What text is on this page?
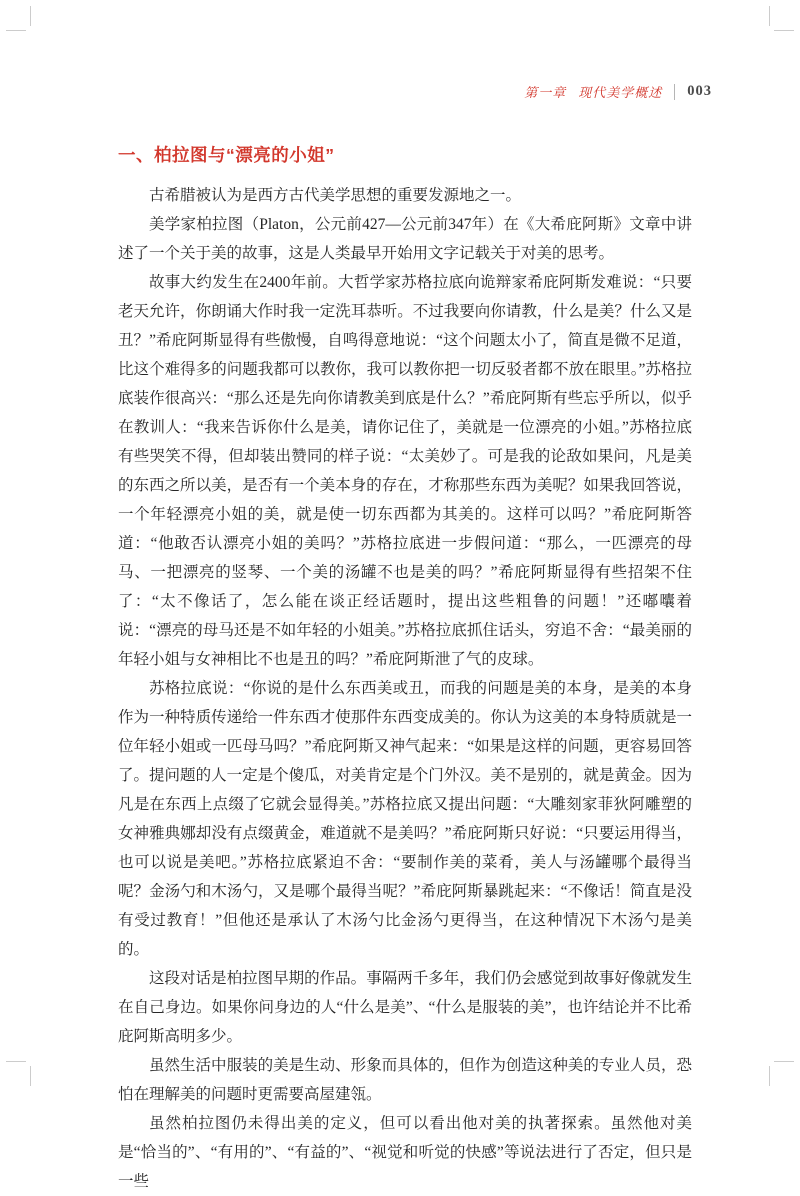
第一章 现代美学概述 003
一、柏拉图与“漂亮的小姐”

古希腊被认为是西方古代美学思想的重要发源地之一。

美学家柏拉图（Platon，公元前427—公元前347年）在《大希庇阿斯》文章中讲述了一个关于美的故事，这是人类最早开始用文字记载关于对美的思考。

故事大约发生在2400年前。大哲学家苏格拉底向诡辩家希庇阿斯发难说：“只要老天允许，你朗诵大作时我一定洗耳恭听。不过我要向你请教，什么是美？什么又是丑？”希庇阿斯显得有些傲慢，自鸣得意地说：“这个问题太小了，简直是微不足道，比这个难得多的问题我都可以教你，我可以教你把一切反驳者都不放在眼里。”苏格拉底装作很高兴：“那么还是先向你请教美到底是什么？”希庇阿斯有些忘乎所以，似乎在教训人：“我来告诉你什么是美，请你记住了，美就是一位漂亮的小姐。”苏格拉底有些哭笑不得，但却装出赞同的样子说：“太美妙了。可是我的论敌如果问，凡是美的东西之所以美，是否有一个美本身的存在，才称那些东西为美呢？如果我回答说，一个年轻漂亮小姐的美，就是使一切东西都为其美的。这样可以吗？”希庇阿斯答道：“他敢否认漂亮小姐的美吗？”苏格拉底进一步假问道：“那么，一匹漂亮的母马、一把漂亮的竖琴、一个美的汤罐不也是美的吗？”希庇阿斯显得有些招架不住了：“太不像话了，怎么能在谈正经话题时，提出这些粗鲁的问题！”还嘟囔着说：“漂亮的母马还是不如年轻的小姐美。”苏格拉底抓住话头，穷追不舍：“最美丽的年轻小姐与女神相比不也是丑的吗？”希庇阿斯泄了气的皮球。

苏格拉底说：“你说的是什么东西美或丑，而我的问题是美的本身，是美的本身作为一种特质传递给一件东西才使那件东西变成美的。你认为这美的本身特质就是一位年轻小姐或一匹母马吗？”希庇阿斯又神气起来：“如果是这样的问题，更容易回答了。提问题的人一定是个傻瓜，对美肯定是个门外汉。美不是别的，就是黄金。因为凡是在东西上点缀了它就会显得美。”苏格拉底又提出问题：“大雕刻家菲狄阿雕塑的女神雅典娜却没有点缀黄金，难道就不是美吗？”希庇阿斯只好说：“只要运用得当，也可以说是美吧。”苏格拉底紧迫不舍：“要制作美的菜肴，美人与汤罐哪个最得当呢？金汤勺和木汤勺，又是哪个最得当呢？”希庇阿斯暴跳起来：“不像话！简直是没有受过教育！”但他还是承认了木汤勺比金汤勺更得当，在这种情况下木汤勺是美的。

这段对话是柏拉图早期的作品。事隔两千多年，我们仍会感觉到故事好像就发生在自己身边。如果你问身边的人“什么是美”、“什么是服装的美”，也许结论并不比希庇阿斯高明多少。

虽然生活中服装的美是生动、形象而具体的，但作为创造这种美的专业人员，恐怕在理解美的问题时更需要高屋建瓴。

虽然柏拉图仍未得出美的定义，但可以看出他对美的执著探索。虽然他对美是“恰当的”、“有用的”、“有益的”、“视觉和听觉的快感”等说法进行了否定，但只是一些
